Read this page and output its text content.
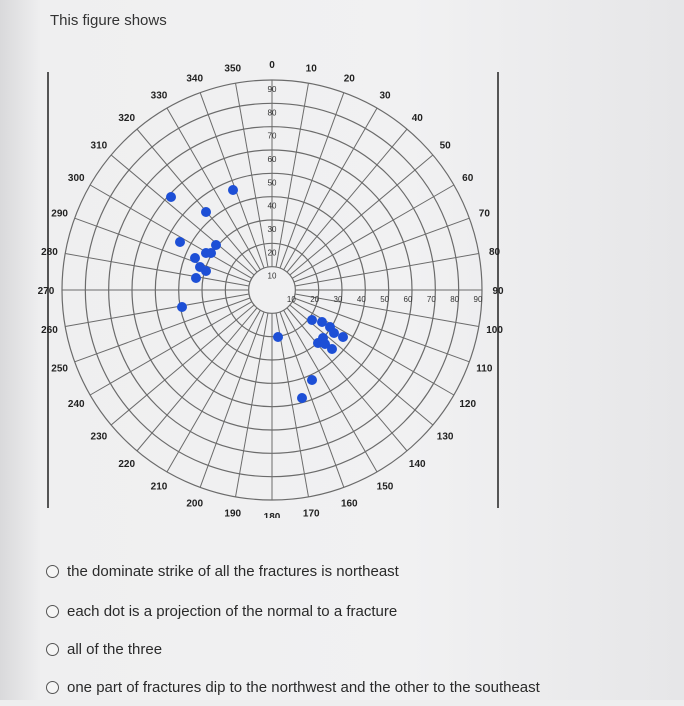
This figure shows
0	10
20
30
40
50
60
70
80
90
100
110
120
130
140
150
160
170
180
190
200
210
220
230
240
250
260
270
280
290
300
310
320
330
340
350
90
80
70
60
50
40
30
20
10
10 20 30 40 50 60 70 80 90
the dominate strike of all the fractures is northeast
each dot is a projection of the normal to a fracture
all of the three
one part of fractures dip to the northwest and the other to the southeast
